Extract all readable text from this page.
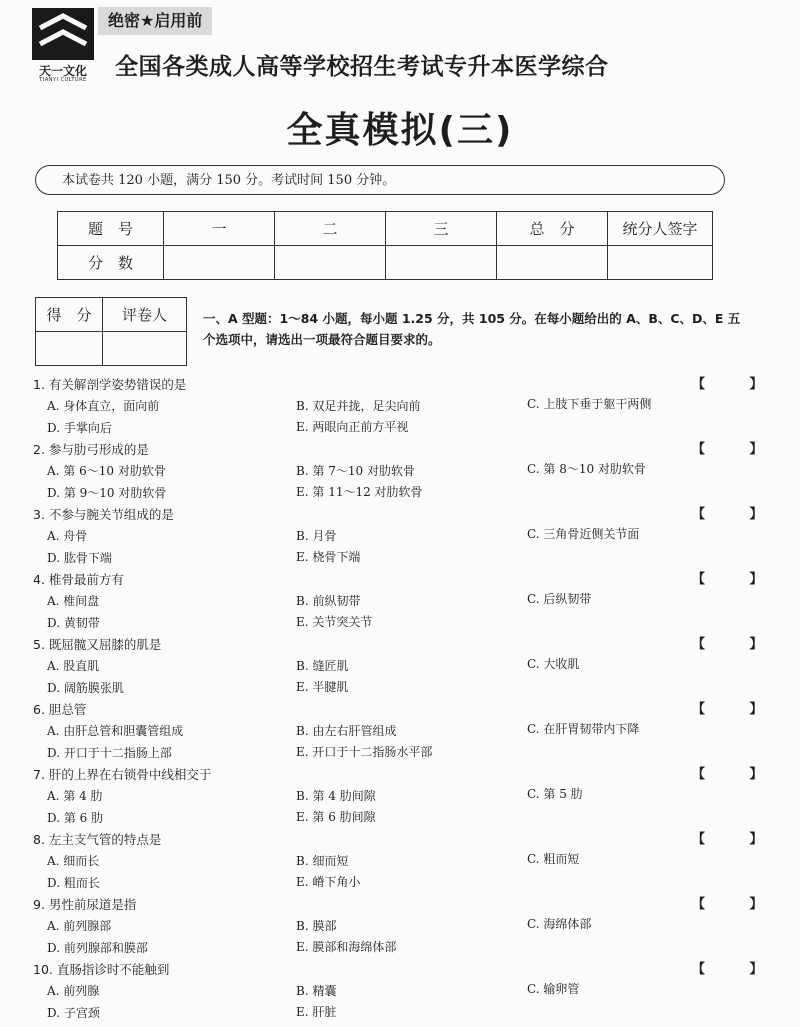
天一文化
TIANYI CULTURE
绝密★启用前
全国各类成人高等学校招生考试专升本医学综合
全真模拟(三)
本试卷共 120 小题，满分 150 分。考试时间 150 分钟。
题　号	一	二	三	总　分	统分人签字
分　数					
得　分	评卷人
		一、A 型题：1～84 小题，每小题 1.25 分，共 105 分。在每小题给出的 A、B、C、D、E 五个选项中，请选出一项最符合题目要求的。
1. 有关解剖学姿势错误的是	【 】
A. 身体直立，面向前	B. 双足并拢，足尖向前	C. 上肢下垂于躯干两侧
D. 手掌向后	E. 两眼向正前方平视
2. 参与肋弓形成的是	【 】
A. 第 6～10 对肋软骨	B. 第 7～10 对肋软骨	C. 第 8～10 对肋软骨
D. 第 9～10 对肋软骨	E. 第 11～12 对肋软骨
3. 不参与腕关节组成的是	【 】
A. 舟骨	B. 月骨	C. 三角骨近侧关节面
D. 肱骨下端	E. 桡骨下端
4. 椎骨最前方有	【 】
A. 椎间盘	B. 前纵韧带	C. 后纵韧带
D. 黄韧带	E. 关节突关节
5. 既屈髋又屈膝的肌是	【 】
A. 股直肌	B. 缝匠肌	C. 大收肌
D. 阔筋膜张肌	E. 半腱肌
6. 胆总管	【 】
A. 由肝总管和胆囊管组成	B. 由左右肝管组成	C. 在肝胃韧带内下降
D. 开口于十二指肠上部	E. 开口于十二指肠水平部
7. 肝的上界在右锁骨中线相交于	【 】
A. 第 4 肋	B. 第 4 肋间隙	C. 第 5 肋
D. 第 6 肋	E. 第 6 肋间隙
8. 左主支气管的特点是	【 】
A. 细而长	B. 细而短	C. 粗而短
D. 粗而长	E. 嵴下角小
9. 男性前尿道是指	【 】
A. 前列腺部	B. 膜部	C. 海绵体部
D. 前列腺部和膜部	E. 膜部和海绵体部
10. 直肠指诊时不能触到	【 】
A. 前列腺	B. 精囊	C. 输卵管
D. 子宫颈	E. 肝脏
